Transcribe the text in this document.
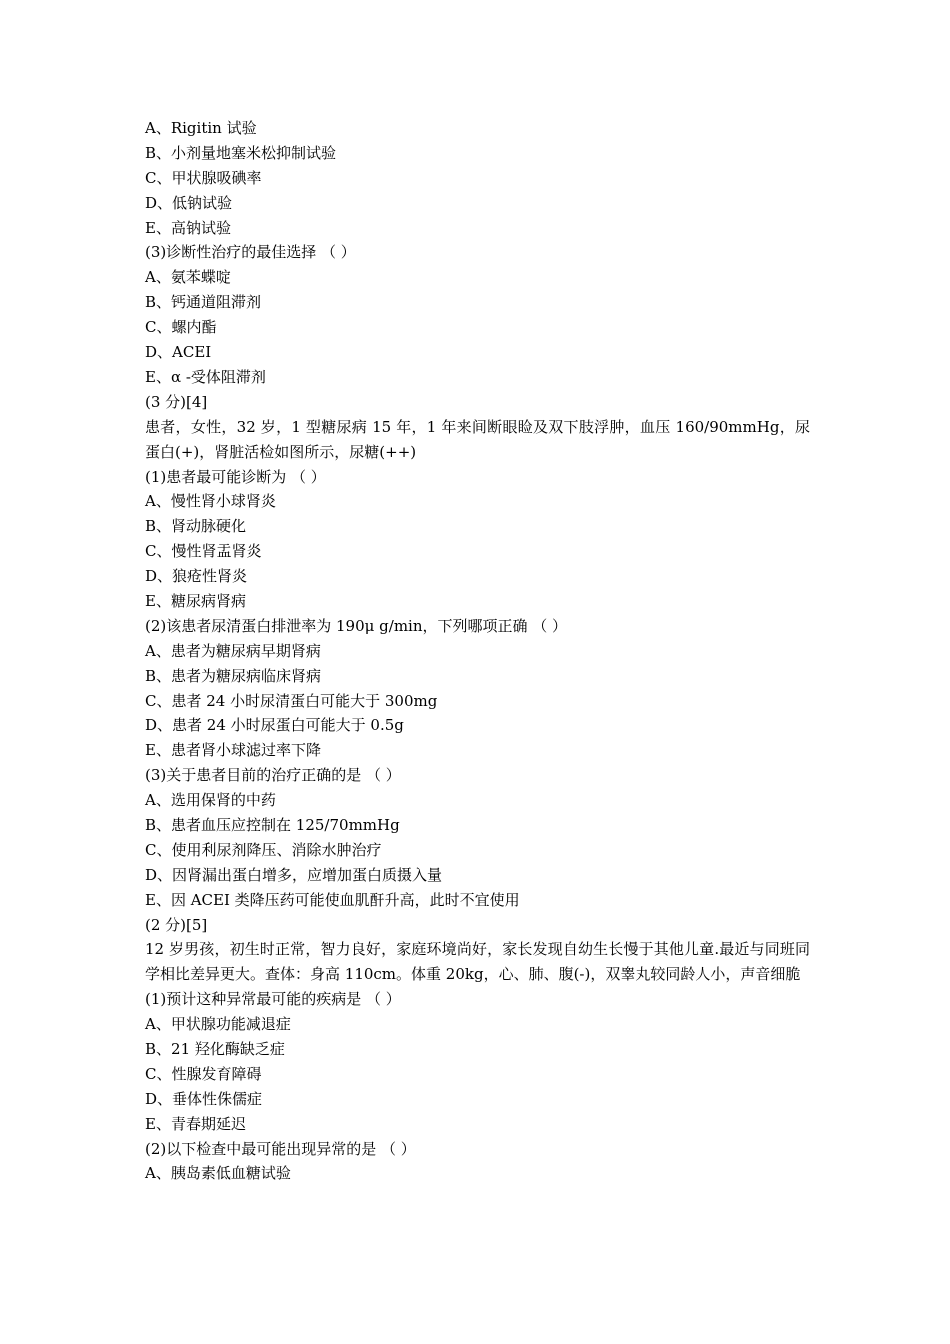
A、Rigitin 试验
B、小剂量地塞米松抑制试验
C、甲状腺吸碘率
D、低钠试验
E、高钠试验
(3)诊断性治疗的最佳选择 （ ）
A、氨苯蝶啶
B、钙通道阻滞剂
C、螺内酯
D、ACEI
E、α -受体阻滞剂
(3 分)[4]
患者，女性，32 岁，1 型糖尿病 15 年，1 年来间断眼睑及双下肢浮肿，血压 160/90mmHg，尿蛋白(+)，肾脏活检如图所示，尿糖(++)
(1)患者最可能诊断为 （ ）
A、慢性肾小球肾炎
B、肾动脉硬化
C、慢性肾盂肾炎
D、狼疮性肾炎
E、糖尿病肾病
(2)该患者尿清蛋白排泄率为 190μ g/min，下列哪项正确 （ ）
A、患者为糖尿病早期肾病
B、患者为糖尿病临床肾病
C、患者 24 小时尿清蛋白可能大于 300mg
D、患者 24 小时尿蛋白可能大于 0.5g
E、患者肾小球滤过率下降
(3)关于患者目前的治疗正确的是 （ ）
A、选用保肾的中药
B、患者血压应控制在 125/70mmHg
C、使用利尿剂降压、消除水肿治疗
D、因肾漏出蛋白增多，应增加蛋白质摄入量
E、因 ACEI 类降压药可能使血肌酐升高，此时不宜使用
(2 分)[5]
12 岁男孩，初生时正常，智力良好，家庭环境尚好，家长发现自幼生长慢于其他儿童.最近与同班同学相比差异更大。查体：身高 110cm。体重 20kg，心、肺、腹(-)，双睾丸较同龄人小，声音细脆
(1)预计这种异常最可能的疾病是 （ ）
A、甲状腺功能减退症
B、21 羟化酶缺乏症
C、性腺发育障碍
D、垂体性侏儒症
E、青春期延迟
(2)以下检查中最可能出现异常的是 （ ）
A、胰岛素低血糖试验
